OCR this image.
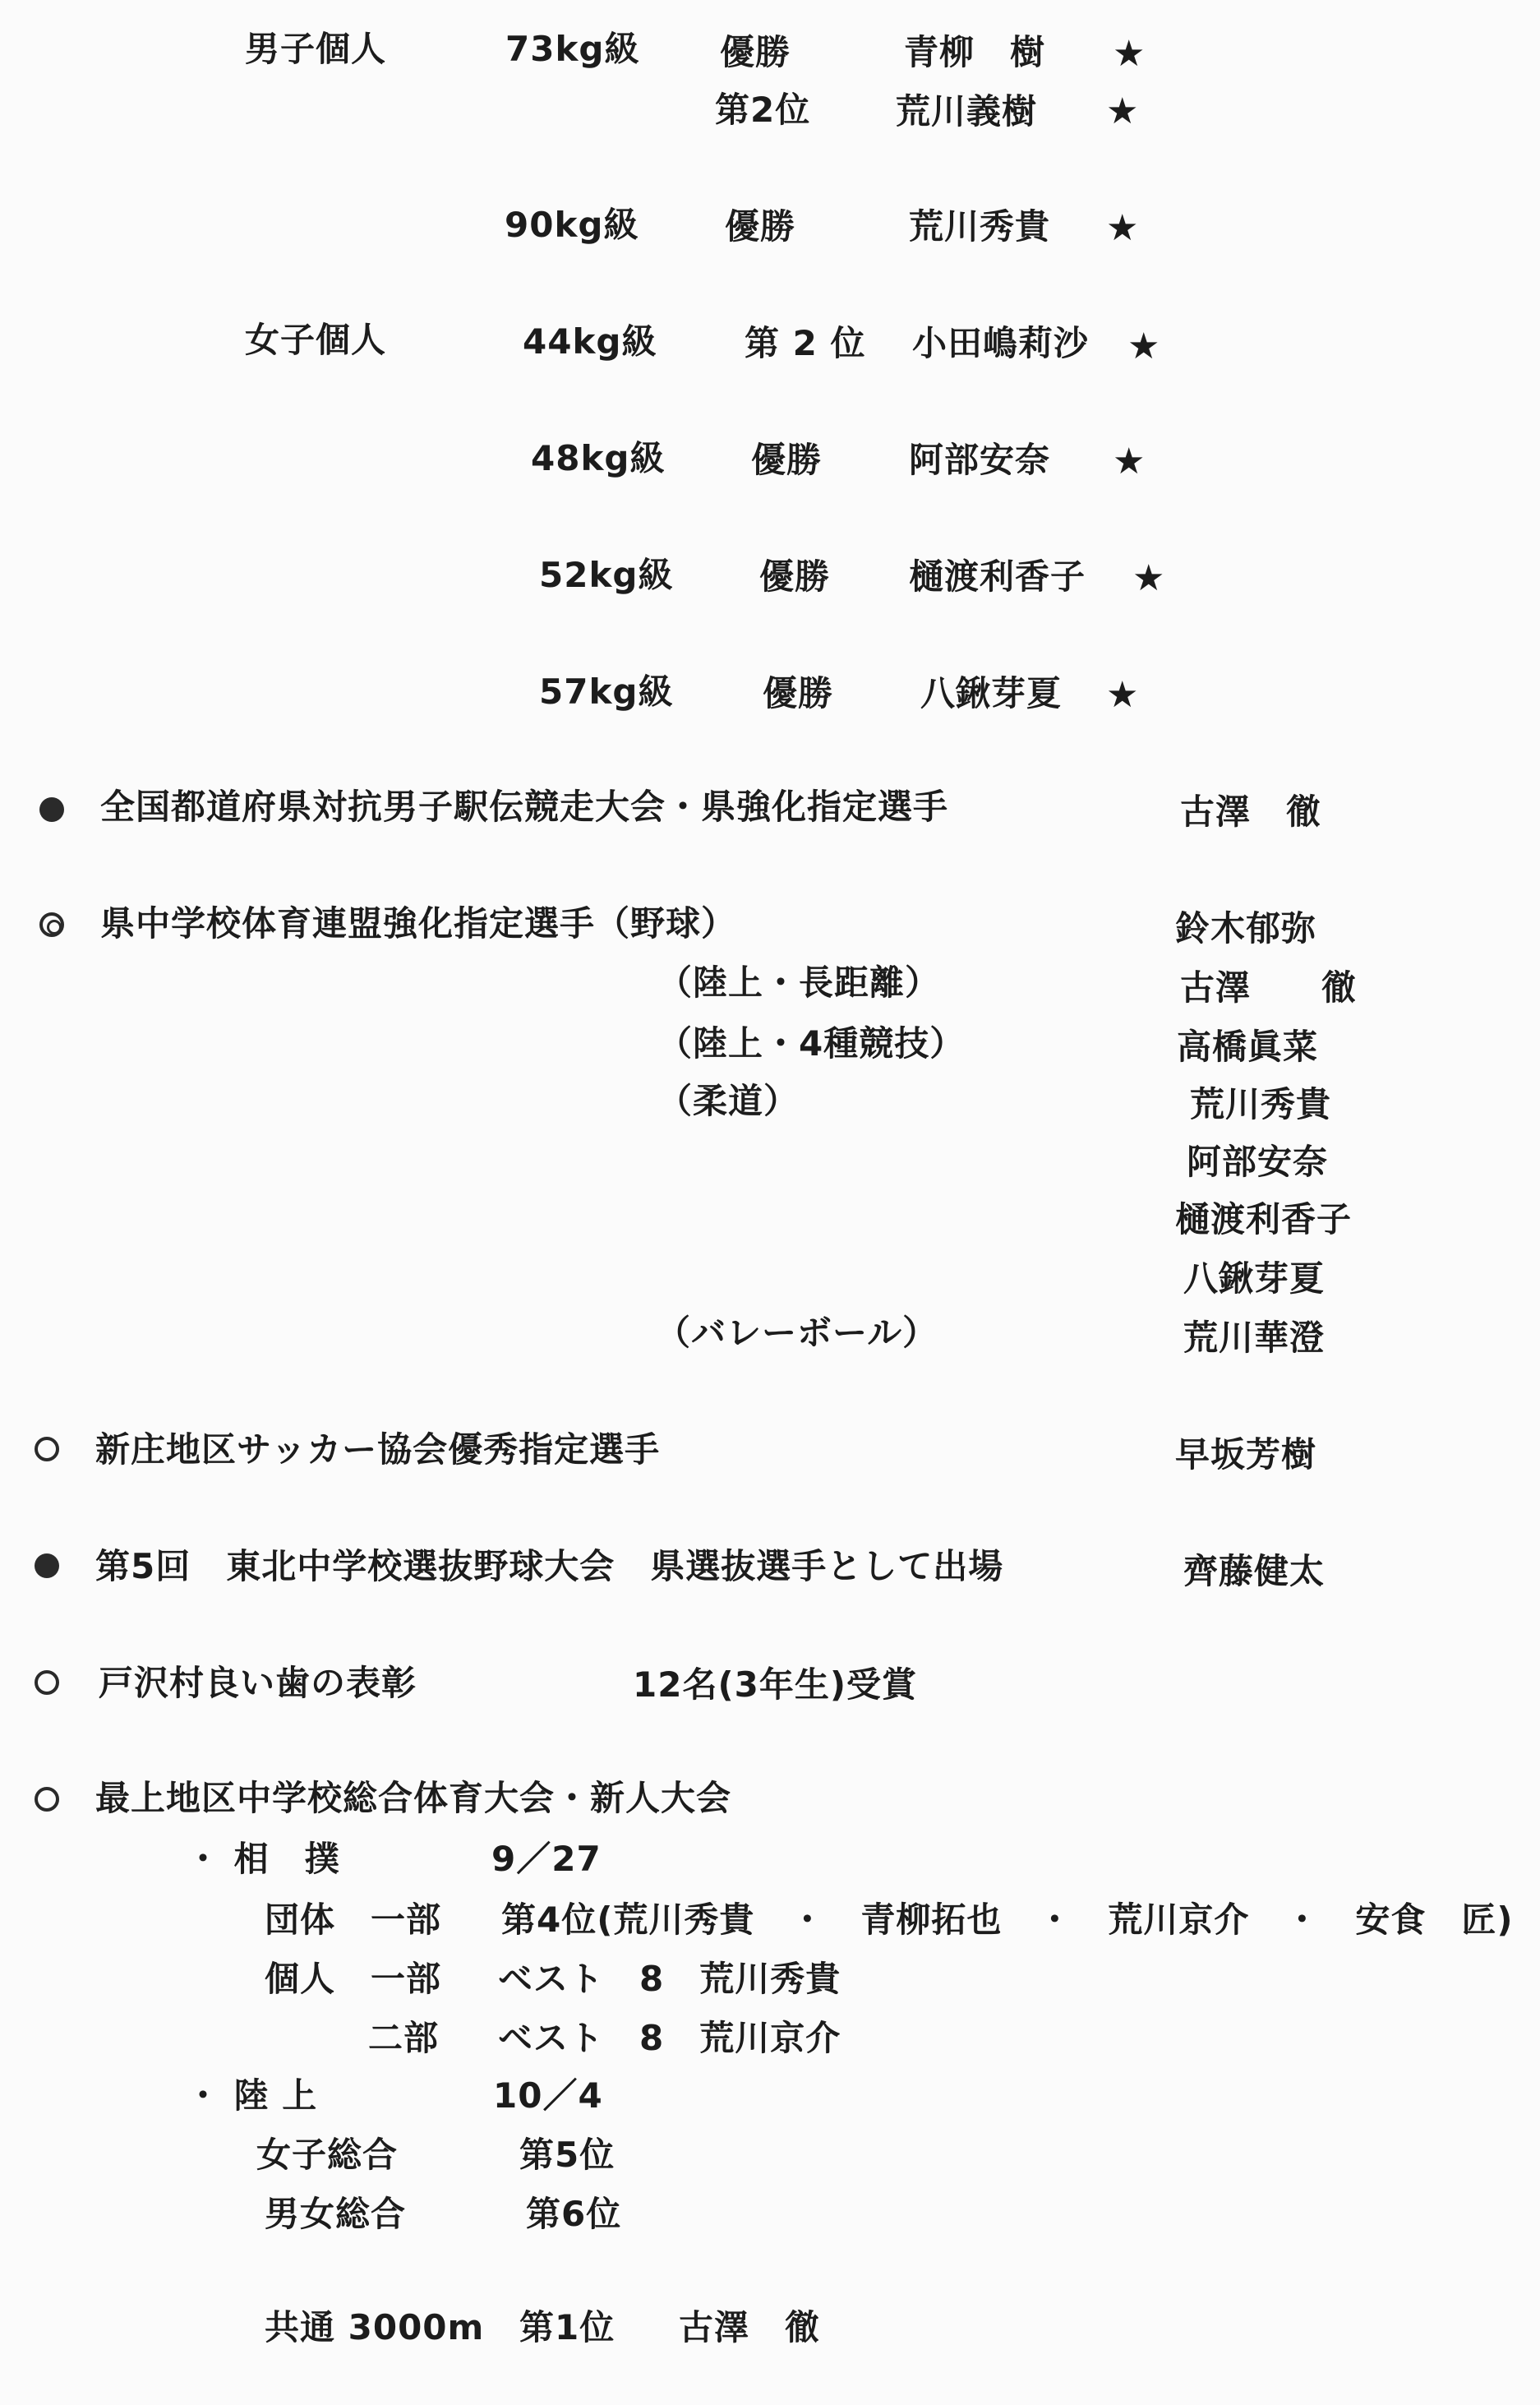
男子個人	73kg級 優勝	青柳　樹 ★
第2位 荒川義樹 ★
90kg級 優勝	荒川秀貴 ★
女子個人	44kg級	第 2 位 小田嶋莉沙 ★
48kg級 優勝	阿部安奈 ★
52kg級 優勝 樋渡利香子 ★
57kg級	優勝	八鍬芽夏 ★
全国都道府県対抗男子駅伝競走大会・県強化指定選手	古澤　徹
県中学校体育連盟強化指定選手（野球）	鈴木郁弥
（陸上・長距離）	古澤　　徹
（陸上・4種競技）	高橋眞菜
（柔道）	荒川秀貴
阿部安奈
樋渡利香子
八鍬芽夏
（バレーボール）	荒川華澄
新庄地区サッカー協会優秀指定選手	早坂芳樹
第5回　東北中学校選抜野球大会　県選抜選手として出場	齊藤健太
戸沢村良い歯の表彰	12名(3年生)受賞
最上地区中学校総合体育大会・新人大会
・ 相　撲	9／27
団体　一部 第4位(荒川秀貴　・　青柳拓也　・　荒川京介　・　安食　匠)
個人　一部 ベスト　8　荒川秀貴
二部 ベスト　8　荒川京介
・ 陸 上	10／4
女子総合	第5位
男女総合	第6位
共通 3000m 第1位 古澤　徹
